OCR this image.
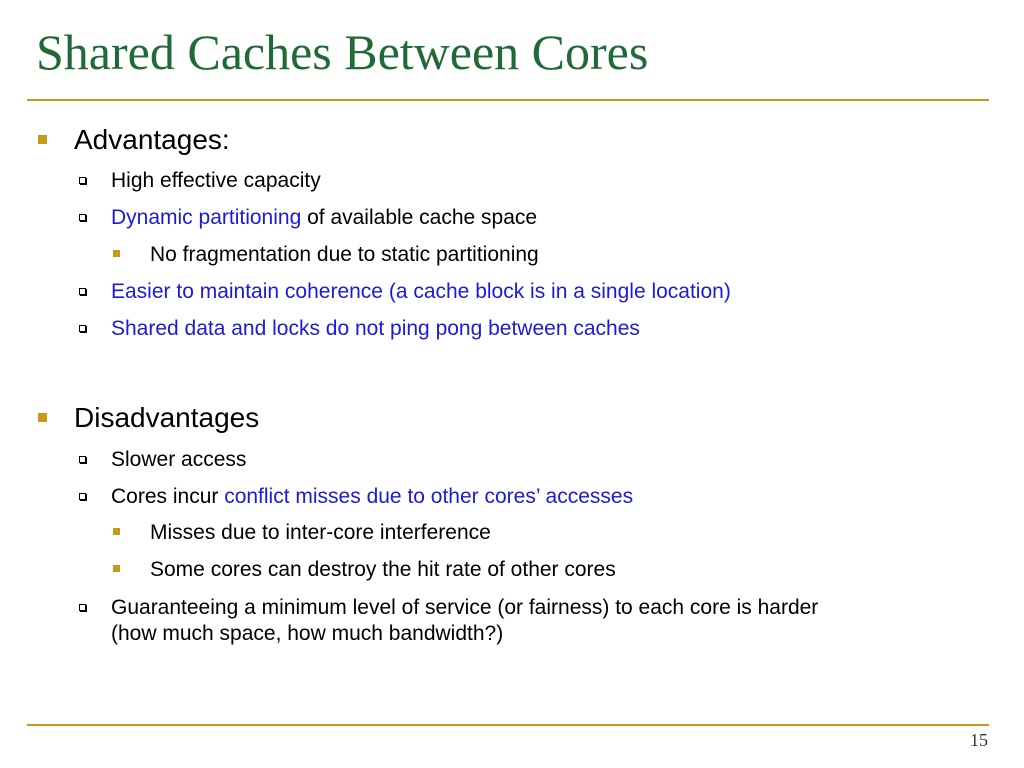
Shared Caches Between Cores
Advantages:
High effective capacity
Dynamic partitioning of available cache space
No fragmentation due to static partitioning
Easier to maintain coherence (a cache block is in a single location)
Shared data and locks do not ping pong between caches
Disadvantages
Slower access
Cores incur conflict misses due to other cores’ accesses
Misses due to inter-core interference
Some cores can destroy the hit rate of other cores
Guaranteeing a minimum level of service (or fairness) to each core is harder
(how much space, how much bandwidth?)
15
